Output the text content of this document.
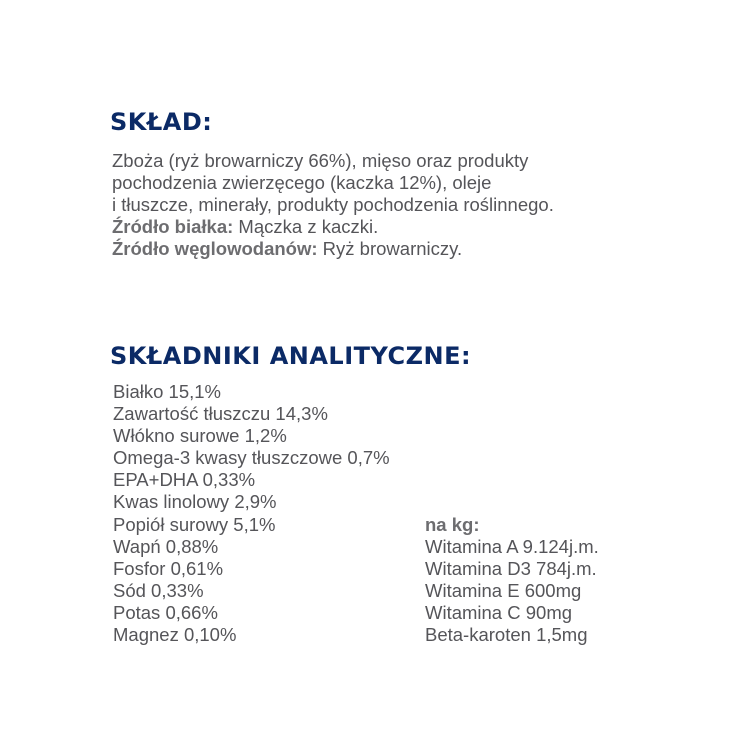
SKŁAD:
Zboża (ryż browarniczy 66%), mięso oraz produkty
pochodzenia zwierzęcego (kaczka 12%), oleje
i tłuszcze, minerały, produkty pochodzenia roślinnego.
Źródło białka: Mączka z kaczki.
Źródło węglowodanów: Ryż browarniczy.
SKŁADNIKI ANALITYCZNE:
Białko 15,1%
Zawartość tłuszczu 14,3%
Włókno surowe 1,2%
Omega-3 kwasy tłuszczowe 0,7%
EPA+DHA 0,33%
Kwas linolowy 2,9%
Popiół surowy 5,1%
Wapń 0,88%
Fosfor 0,61%
Sód 0,33%
Potas 0,66%
Magnez 0,10%
na kg:
Witamina A 9.124j.m.
Witamina D3 784j.m.
Witamina E 600mg
Witamina C 90mg
Beta-karoten 1,5mg
